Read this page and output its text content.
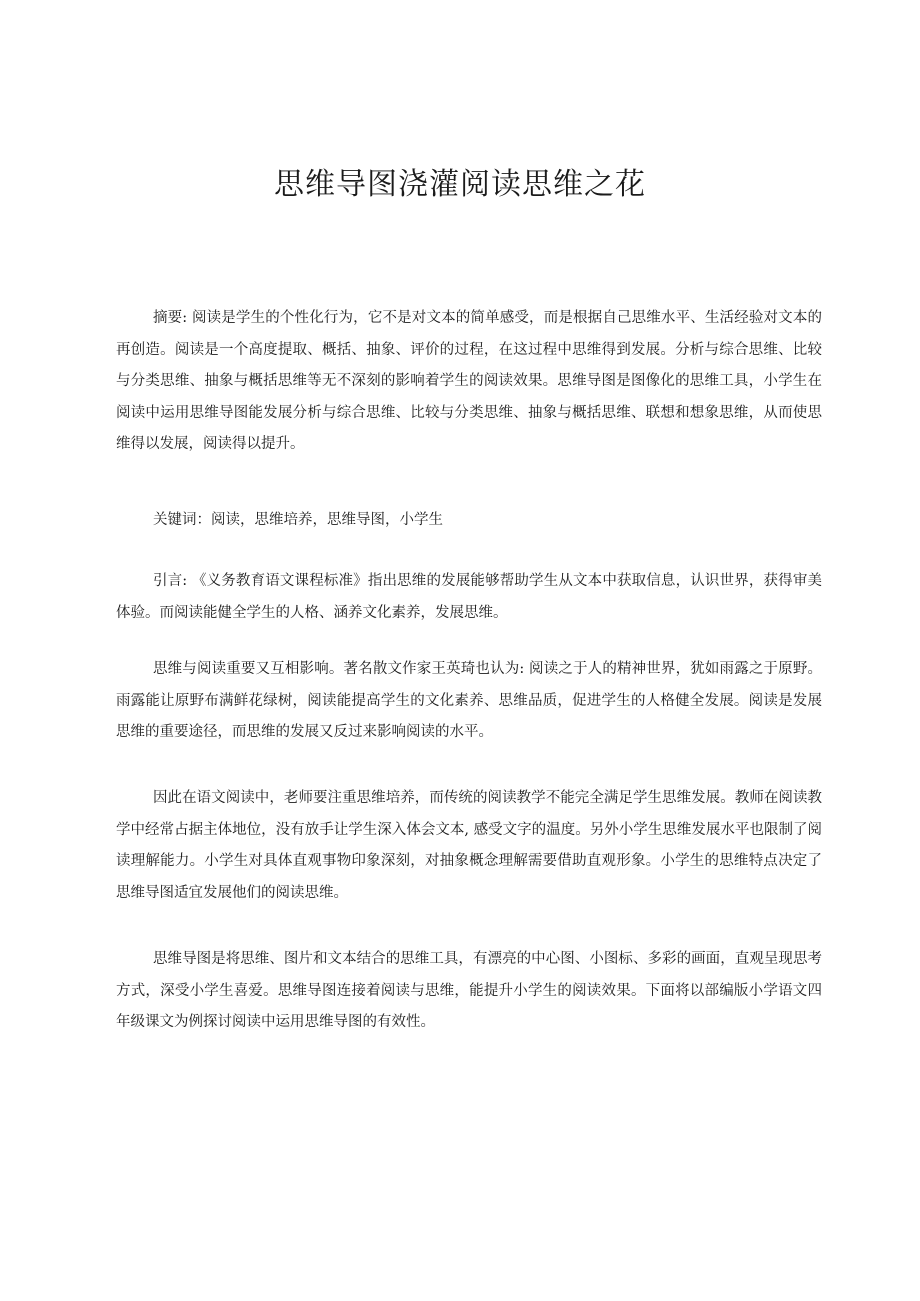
思维导图浇灌阅读思维之花

摘要: 阅读是学生的个性化行为，它不是对文本的简单感受，而是根据自己思维水平、生活经验对文本的再创造。阅读是一个高度提取、概括、抽象、评价的过程，在这过程中思维得到发展。分析与综合思维、比较与分类思维、抽象与概括思维等无不深刻的影响着学生的阅读效果。思维导图是图像化的思维工具，小学生在阅读中运用思维导图能发展分析与综合思维、比较与分类思维、抽象与概括思维、联想和想象思维，从而使思维得以发展，阅读得以提升。

关键词：阅读，思维培养，思维导图，小学生

引言: 《义务教育语文课程标准》指出思维的发展能够帮助学生从文本中获取信息，认识世界，获得审美体验。而阅读能健全学生的人格、涵养文化素养，发展思维。

思维与阅读重要又互相影响。著名散文作家王英琦也认为: 阅读之于人的精神世界，犹如雨露之于原野。雨露能让原野布满鲜花绿树，阅读能提高学生的文化素养、思维品质，促进学生的人格健全发展。阅读是发展思维的重要途径，而思维的发展又反过来影响阅读的水平。

因此在语文阅读中，老师要注重思维培养，而传统的阅读教学不能完全满足学生思维发展。教师在阅读教学中经常占据主体地位，没有放手让学生深入体会文本, 感受文字的温度。另外小学生思维发展水平也限制了阅读理解能力。小学生对具体直观事物印象深刻，对抽象概念理解需要借助直观形象。小学生的思维特点决定了思维导图适宜发展他们的阅读思维。

思维导图是将思维、图片和文本结合的思维工具，有漂亮的中心图、小图标、多彩的画面，直观呈现思考方式，深受小学生喜爱。思维导图连接着阅读与思维，能提升小学生的阅读效果。下面将以部编版小学语文四年级课文为例探讨阅读中运用思维导图的有效性。
